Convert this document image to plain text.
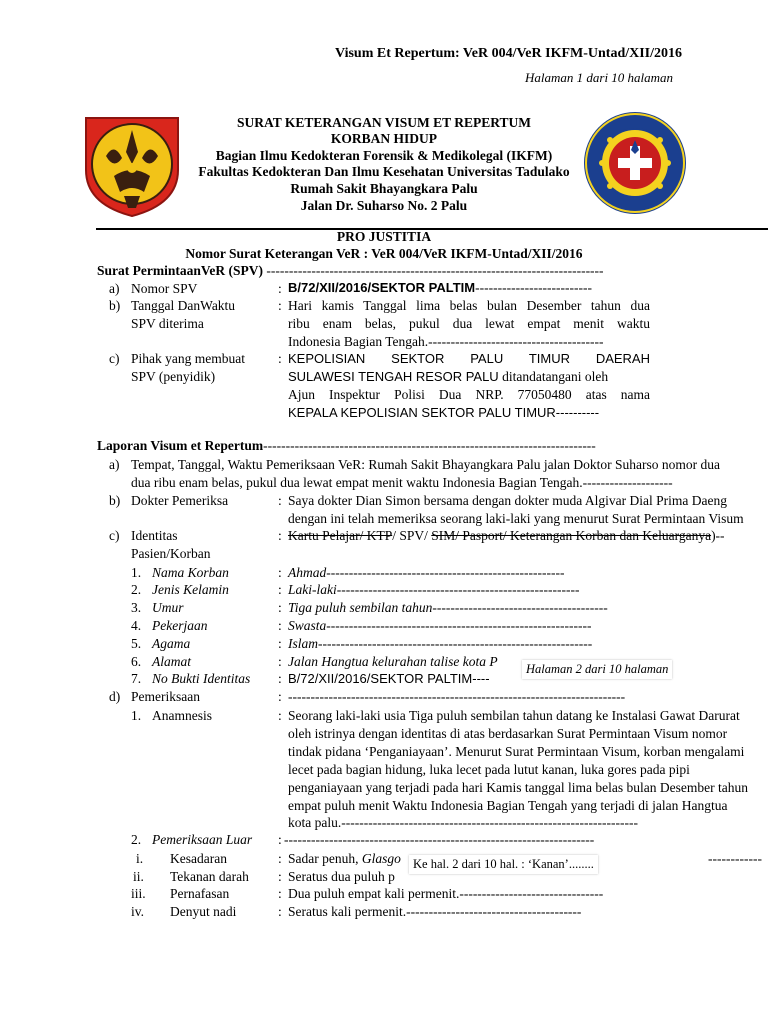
Visum Et Repertum: VeR 004/VeR IKFM-Untad/XII/2016
Halaman 1 dari 10 halaman
SURAT KETERANGAN VISUM ET REPERTUM
KORBAN HIDUP
Bagian Ilmu Kedokteran Forensik & Medikolegal (IKFM)
Fakultas Kedokteran Dan Ilmu Kesehatan Universitas Tadulako
Rumah Sakit Bhayangkara Palu
Jalan Dr. Suharso No. 2 Palu
PRO JUSTITIA
Nomor Surat Keterangan VeR : VeR 004/VeR IKFM-Untad/XII/2016
Surat PermintaanVeR (SPV) ---------------------------------------------------------------------------
a) Nomor SPV	: B/72/XII/2016/SEKTOR PALTIM--------------------------
b) Tanggal DanWaktu
SPV diterima
: Hari kamis Tanggal lima belas bulan Desember tahun dua
ribu enam belas, pukul dua lewat empat menit waktu
Indonesia Bagian Tengah.---------------------------------------
c) Pihak yang membuat
SPV (penyidik)
: KEPOLISIAN SEKTOR PALU TIMUR DAERAH
SULAWESI TENGAH RESOR PALU ditandatangani oleh
Ajun Inspektur Polisi Dua NRP. 77050480 atas nama
KEPALA KEPOLISIAN SEKTOR PALU TIMUR----------
Laporan Visum et Repertum--------------------------------------------------------------------------
a) Tempat, Tanggal, Waktu Pemeriksaan VeR: Rumah Sakit Bhayangkara Palu jalan Doktor Suharso nomor dua
dua ribu enam belas, pukul dua lewat empat menit waktu Indonesia Bagian Tengah.--------------------
b) Dokter Pemeriksa	: Saya dokter Dian Simon bersama dengan dokter muda Algivar Dial Prima Daeng
dengan ini telah memeriksa seorang laki-laki yang menurut Surat Permintaan Visum
c) Identitas
Pasien/Korban
: Kartu Pelajar/ KTP/ SPV/ SIM/ Pasport/ Keterangan Korban dan Keluarganya)--
1. Nama Korban	: Ahmad-----------------------------------------------------
2. Jenis Kelamin	: Laki-laki------------------------------------------------------
3. Umur	: Tiga puluh sembilan tahun---------------------------------------
4. Pekerjaan	: Swasta-----------------------------------------------------------
5. Agama	: Islam-------------------------------------------------------------
6. Alamat	: Jalan Hangtua kelurahan talise kota P
7. No Bukti Identitas : B/72/XII/2016/SEKTOR PALTIM----
Halaman 2 dari 10 halaman
d) Pemeriksaan	: ---------------------------------------------------------------------------
1. Anamnesis	: Seorang laki-laki usia Tiga puluh sembilan tahun datang ke Instalasi Gawat Darurat
oleh istrinya dengan identitas di atas berdasarkan Surat Permintaan Visum nomor
tindak pidana ‘Penganiayaan’. Menurut Surat Permintaan Visum, korban mengalami
lecet pada bagian hidung, luka lecet pada lutut kanan, luka gores pada pipi
penganiayaan yang terjadi pada hari Kamis tanggal lima belas bulan Desember tahun
empat puluh menit Waktu Indonesia Bagian Tengah yang terjadi di jalan Hangtua
kota palu.------------------------------------------------------------------
2. Pemeriksaan Luar : ---------------------------------------------------------------------
i. Kesadaran	: Sadar penuh, Glasgo	------------
ii. Tekanan darah : Seratus dua puluh p
Ke hal. 2 dari 10 hal. : ‘Kanan’........
iii. Pernafasan	: Dua puluh empat kali permenit.--------------------------------
iv. Denyut nadi	: Seratus kali permenit.---------------------------------------
